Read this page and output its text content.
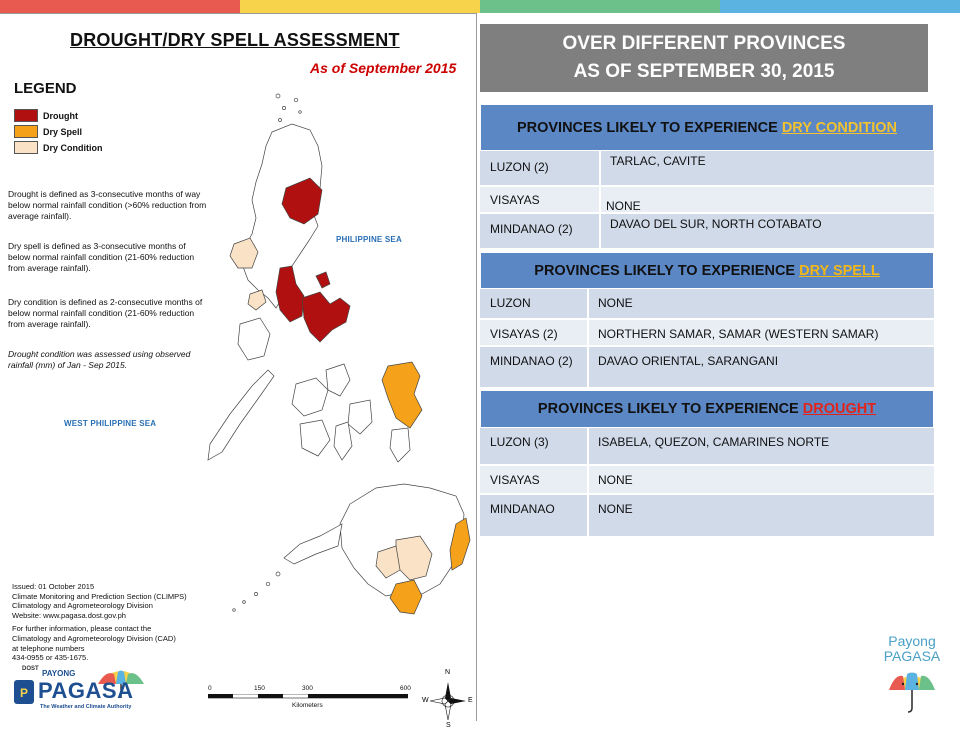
DROUGHT/DRY SPELL ASSESSMENT
As of September 2015
LEGEND
Drought
Dry Spell
Dry Condition
Drought is defined as 3-consecutive months of way below normal rainfall condition (>60% reduction from average rainfall).
Dry spell is defined as 3-consecutive months of below normal rainfall condition (21-60% reduction from average rainfall).
Dry condition is defined as 2-consecutive months of below normal rainfall condition (21-60% reduction from average rainfall).
Drought condition was assessed using observed rainfall (mm) of Jan - Sep 2015.
PHILIPPINE SEA
WEST PHILIPPINE SEA
Issued: 01 October 2015
Climate Monitoring and Prediction Section (CLIMPS)
Climatology and Agrometeorology Division
Website: www.pagasa.dost.gov.ph
For further information, please contact the
Climatology and Agrometeorology Division (CAD)
at telephone numbers
434-0955 or 435-1675.
DOST PAYONG
P PAGASA
The Weather and Climate Authority
0	150	300	600
Kilometers
N
S
W	E
OVER DIFFERENT PROVINCES
AS OF SEPTEMBER 30, 2015
PROVINCES LIKELY TO EXPERIENCE DRY CONDITION
LUZON (2)	TARLAC, CAVITE
VISAYAS	NONE
MINDANAO (2)	DAVAO DEL SUR, NORTH COTABATO
PROVINCES LIKELY TO EXPERIENCE DRY SPELL
LUZON	NONE
VISAYAS (2)	NORTHERN SAMAR, SAMAR (WESTERN SAMAR)
MINDANAO (2)	DAVAO ORIENTAL, SARANGANI
PROVINCES LIKELY TO EXPERIENCE DROUGHT
LUZON (3)	ISABELA, QUEZON, CAMARINES NORTE
VISAYAS	NONE
MINDANAO	NONE
Payong
PAGASA
